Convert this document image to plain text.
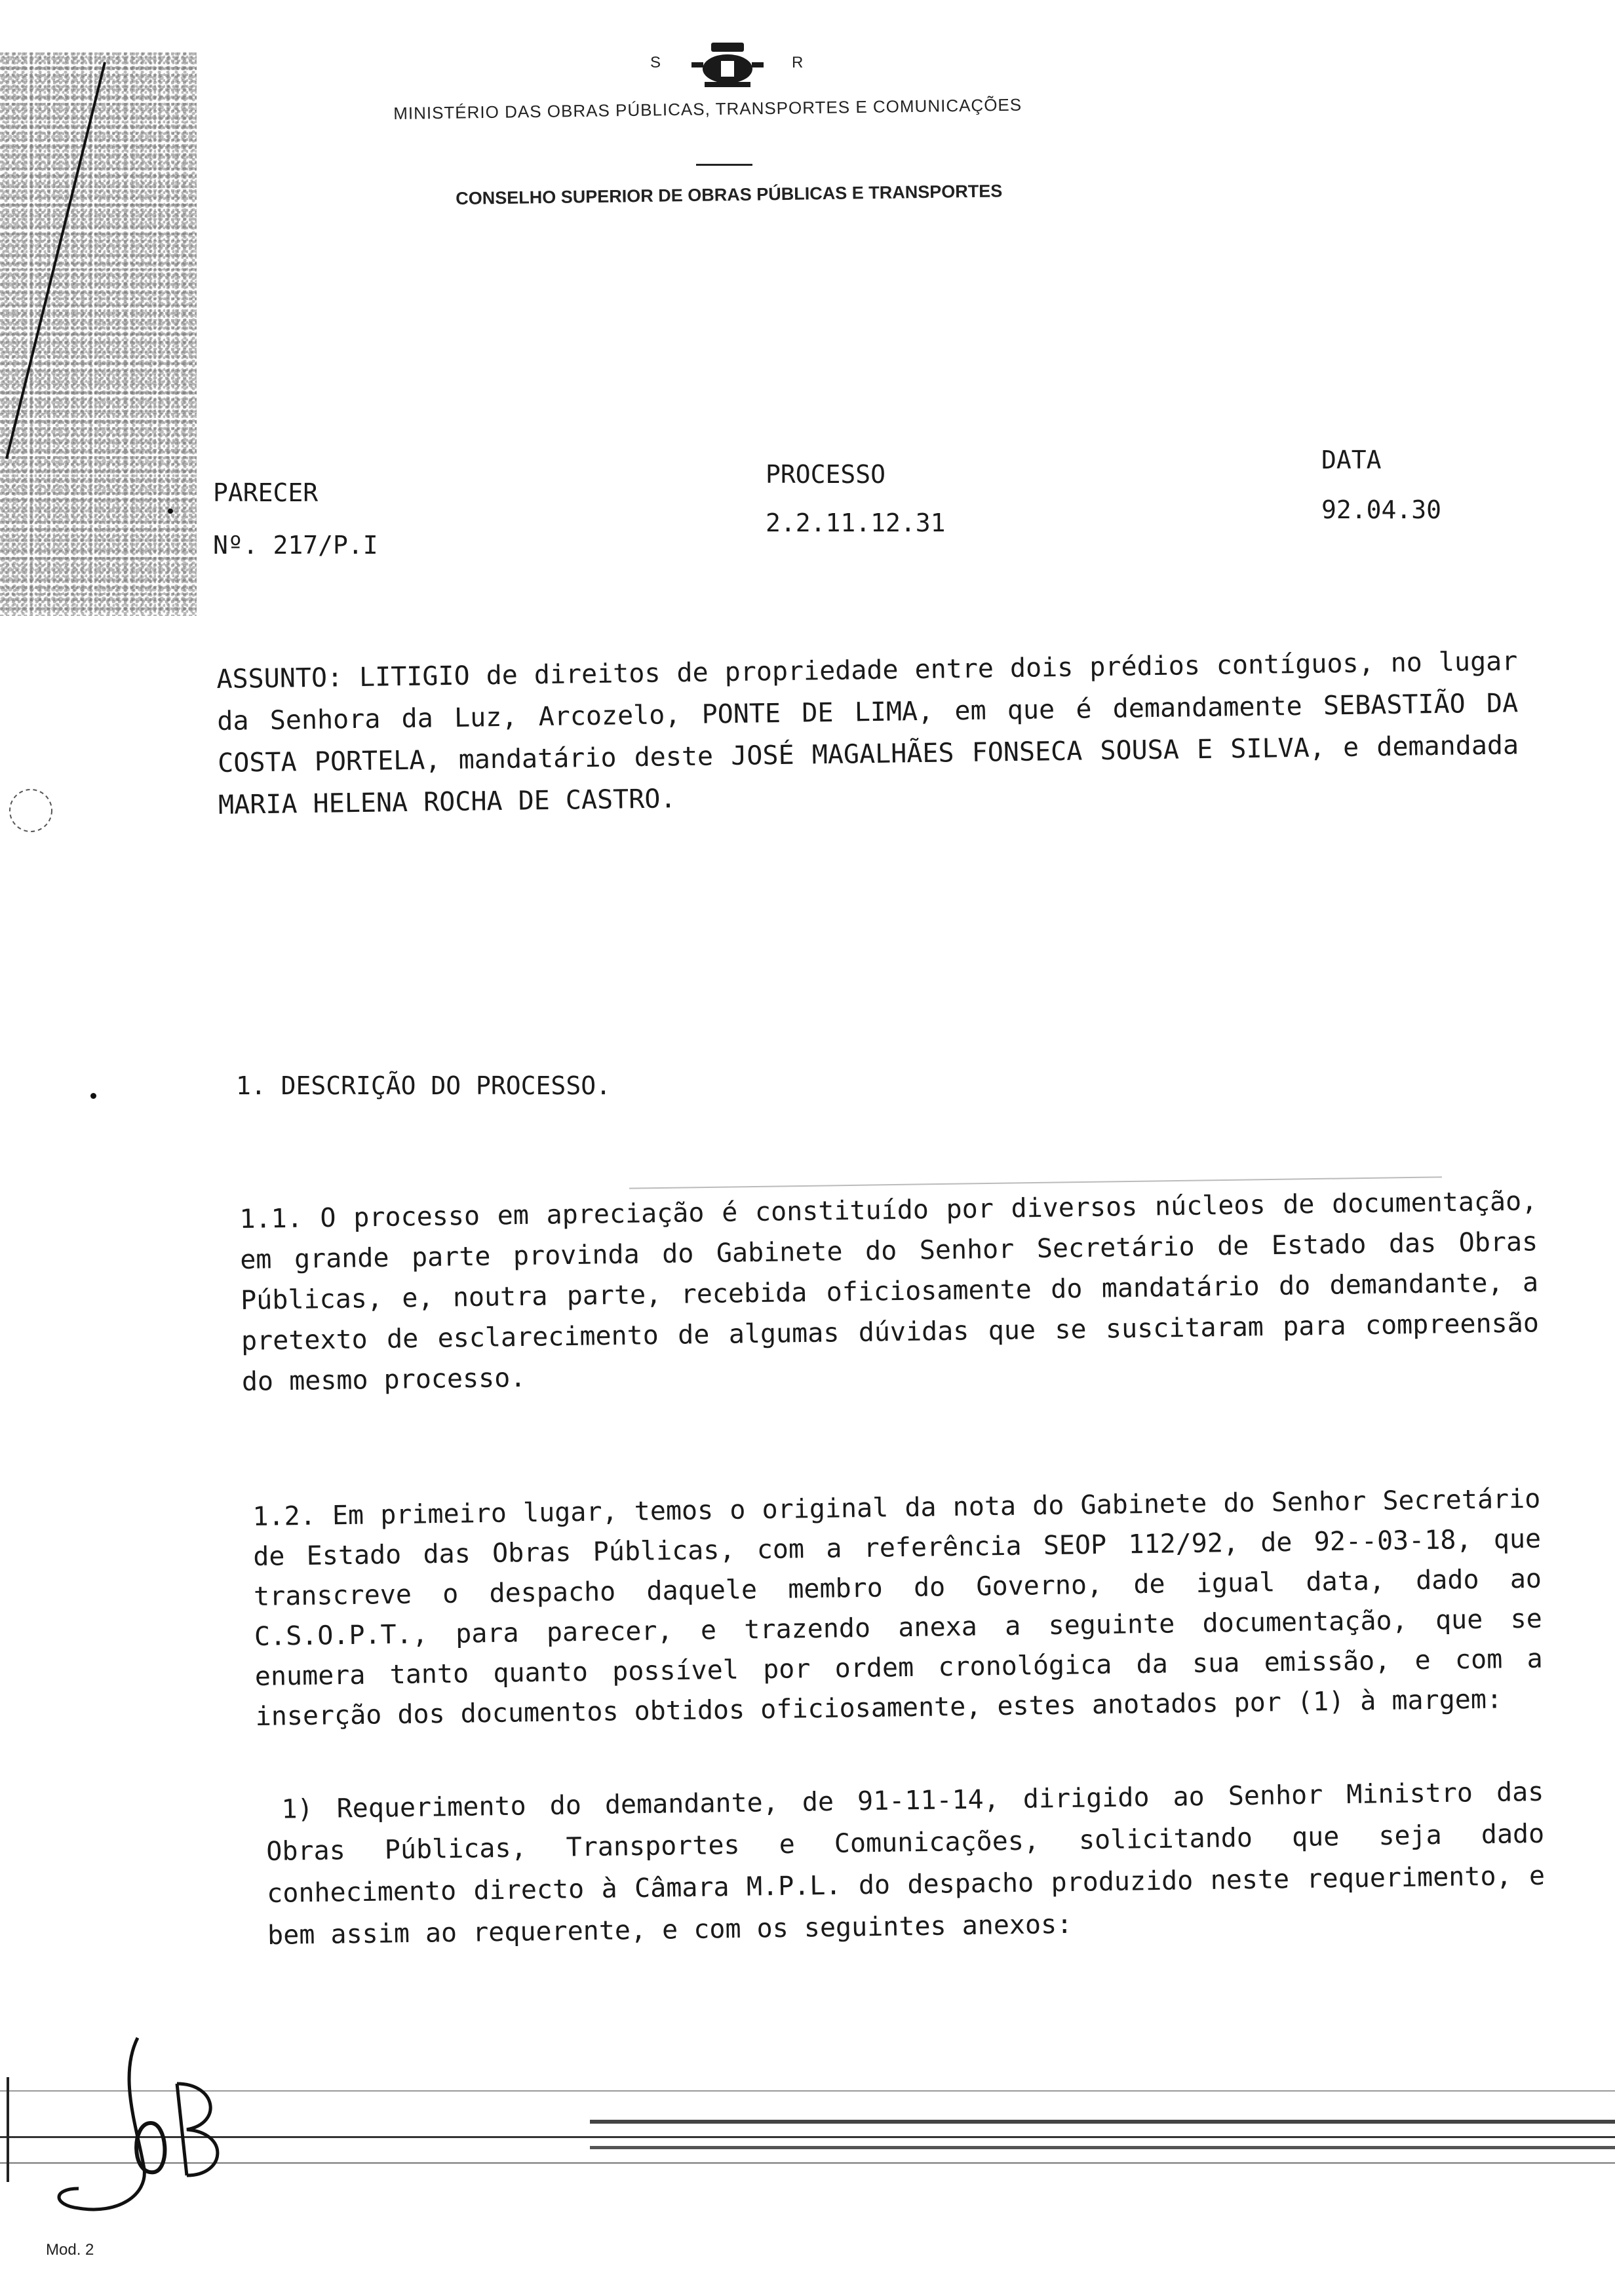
S	R
MINISTÉRIO DAS OBRAS PÚBLICAS, TRANSPORTES E COMUNICAÇÕES
CONSELHO SUPERIOR DE OBRAS PÚBLICAS E TRANSPORTES
PARECER
Nº. 217/P.I
PROCESSO
2.2.11.12.31
DATA
92.04.30
ASSUNTO: LITIGIO de direitos de propriedade entre dois prédios contíguos, no lugar da Senhora da Luz, Arcozelo, PONTE DE LIMA, em que é demandamente SEBASTIÃO DA COSTA PORTELA, mandatário deste JOSÉ MAGALHÃES FONSECA SOUSA E SILVA, e demandada MARIA HELENA ROCHA DE CASTRO.
1. DESCRIÇÃO DO PROCESSO.
1.1. O processo em apreciação é constituído por diversos núcleos de documentação, em grande parte provinda do Gabinete do Senhor Secretário de Estado das Obras Públicas, e, noutra parte, recebida oficiosamente do mandatário do demandante, a pretexto de esclarecimento de algumas dúvidas que se suscitaram para compreensão do mesmo processo.
1.2. Em primeiro lugar, temos o original da nota do Gabinete do Senhor Secretário de Estado das Obras Públicas, com a referência SEOP 112/92, de 92--03-18, que transcreve o despacho daquele membro do Governo, de igual data, dado ao C.S.O.P.T., para parecer, e trazendo anexa a seguinte documentação, que se enumera tanto quanto possível por ordem cronológica da sua emissão, e com a inserção dos documentos obtidos oficiosamente, estes anotados por (1) à margem:
1) Requerimento do demandante, de 91-11-14, dirigido ao Senhor Ministro das Obras Públicas, Transportes e Comunicações, solicitando que seja dado conhecimento directo à Câmara M.P.L. do despacho produzido neste requerimento, e bem assim ao requerente, e com os seguintes anexos:
Mod. 2
